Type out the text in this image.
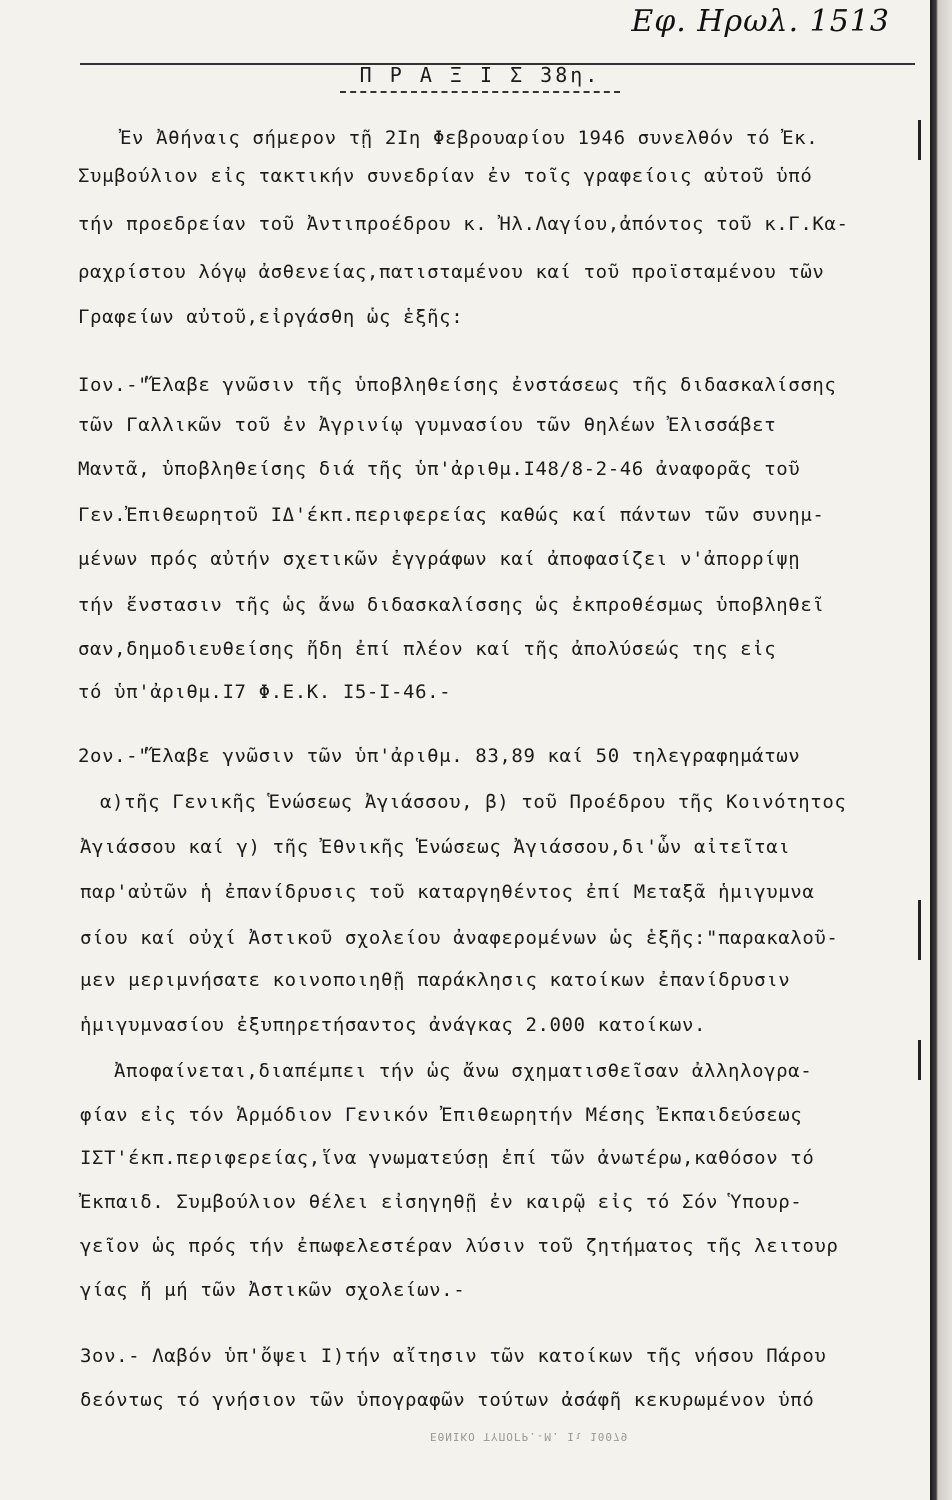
Εφ. Ηρωλ. 1513
Π Ρ Α Ξ Ι Σ 38η.
Ἐν Ἀθήναις σήμερον τῇ 2Ιη Φεβρουαρίου 1946 συνελθόν τό Ἐκ.
Συμβούλιον εἰς τακτικήν συνεδρίαν ἐν τοῖς γραφείοις αὐτοῦ ὑπό
τήν προεδρείαν τοῦ Ἀντιπροέδρου κ. Ἠλ.Λαγίου,ἀπόντος τοῦ κ.Γ.Κα-
ραχρίστου λόγῳ ἀσθενείας,πατισταμένου καί τοῦ προϊσταμένου τῶν
Γραφείων αὐτοῦ,εἰργάσθη ὡς ἑξῆς:
Ιον.-"Ἔλαβε γνῶσιν τῆς ὑποβληθείσης ἐνστάσεως τῆς διδασκαλίσσης
τῶν Γαλλικῶν τοῦ ἐν Ἀγρινίῳ γυμνασίου τῶν θηλέων Ἐλισσάβετ
Μαντᾶ, ὑποβληθείσης διά τῆς ὑπ'ἀριθμ.Ι48/8-2-46 ἀναφορᾶς τοῦ
Γεν.Ἐπιθεωρητοῦ ΙΔ'έκπ.περιφερείας καθώς καί πάντων τῶν συνημ-
μένων πρός αὐτήν σχετικῶν ἐγγράφων καί ἀποφασίζει ν'ἀπορρίψῃ
τήν ἔνστασιν τῆς ὡς ἄνω διδασκαλίσσης ὡς ἐκπροθέσμως ὑποβληθεῖ
σαν,δημοδιευθείσης ἤδη ἐπί πλέον καί τῆς ἀπολύσεώς της εἰς
τό ὑπ'ἀριθμ.Ι7 Φ.Ε.Κ. Ι5-Ι-46.-
2ον.-"Ἔλαβε γνῶσιν τῶν ὑπ'ἀριθμ. 83,89 καί 50 τηλεγραφημάτων
α)τῆς Γενικῆς Ἑνώσεως Ἀγιάσσου, β) τοῦ Προέδρου τῆς Κοινότητος
Ἀγιάσσου καί γ) τῆς Ἐθνικῆς Ἑνώσεως Ἀγιάσσου,δι'ὧν αἰτεῖται
παρ'αὐτῶν ἡ ἐπανίδρυσις τοῦ καταργηθέντος ἐπί Μεταξᾶ ἡμιγυμνα
σίου καί οὐχί Ἀστικοῦ σχολείου ἀναφερομένων ὡς ἑξῆς:"παρακαλοῦ-
μεν μεριμνήσατε κοινοποιηθῇ παράκλησις κατοίκων ἐπανίδρυσιν
ἡμιγυμνασίου ἐξυπηρετήσαντος ἀνάγκας 2.000 κατοίκων.
Ἀποφαίνεται,διαπέμπει τήν ὡς ἄνω σχηματισθεῖσαν ἀλληλογρα-
φίαν εἰς τόν Ἁρμόδιον Γενικόν Ἐπιθεωρητήν Μέσης Ἐκπαιδεύσεως
ΙΣΤ'έκπ.περιφερείας,ἵνα γνωματεύσῃ ἐπί τῶν ἀνωτέρω,καθόσον τό
Ἐκπαιδ. Συμβούλιον θέλει εἰσηγηθῇ ἐν καιρῷ εἰς τό Σόν Ὑπουρ-
γεῖον ὡς πρός τήν ἐπωφελεστέραν λύσιν τοῦ ζητήματος τῆς λειτουρ
γίας ἤ μή τῶν Ἀστικῶν σχολείων.-
3ον.- Λαβόν ὑπ'ὄψει Ι)τήν αἴτησιν τῶν κατοίκων τῆς νήσου Πάρου
δεόντως τό γνήσιον τῶν ὑπογραφῶν τούτων ἀσάφῆ κεκυρωμένον ὑπό
ΕΘΝΙΚΟ ΤΥΠΟΓΡ.-Μ. Ιι 10079
